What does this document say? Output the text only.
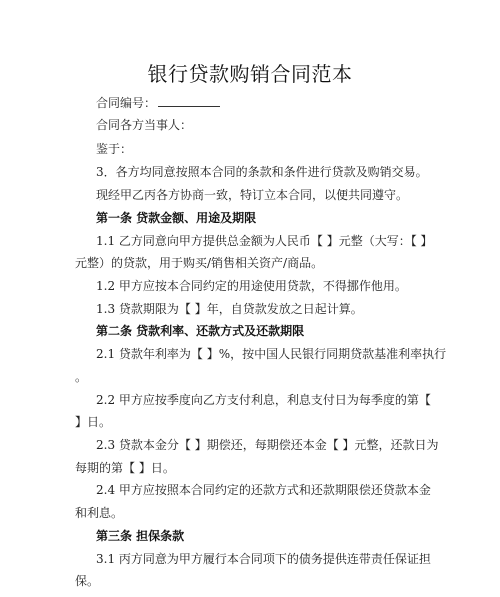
银行贷款购销合同范本
合同编号：
合同各方当事人：
鉴于：
3．各方均同意按照本合同的条款和条件进行贷款及购销交易。
现经甲乙丙各方协商一致，特订立本合同，以便共同遵守。
第一条 贷款金额、用途及期限
1.1 乙方同意向甲方提供总金额为人民币【 】元整（大写：【 】
元整）的贷款，用于购买/销售相关资产/商品。
1.2 甲方应按本合同约定的用途使用贷款，不得挪作他用。
1.3 贷款期限为【 】年，自贷款发放之日起计算。
第二条 贷款利率、还款方式及还款期限
2.1 贷款年利率为【 】%，按中国人民银行同期贷款基准利率执行
。
2.2 甲方应按季度向乙方支付利息，利息支付日为每季度的第【
】日。
2.3 贷款本金分【 】期偿还，每期偿还本金【 】元整，还款日为
每期的第【 】日。
2.4 甲方应按照本合同约定的还款方式和还款期限偿还贷款本金
和利息。
第三条 担保条款
3.1 丙方同意为甲方履行本合同项下的债务提供连带责任保证担
保。
